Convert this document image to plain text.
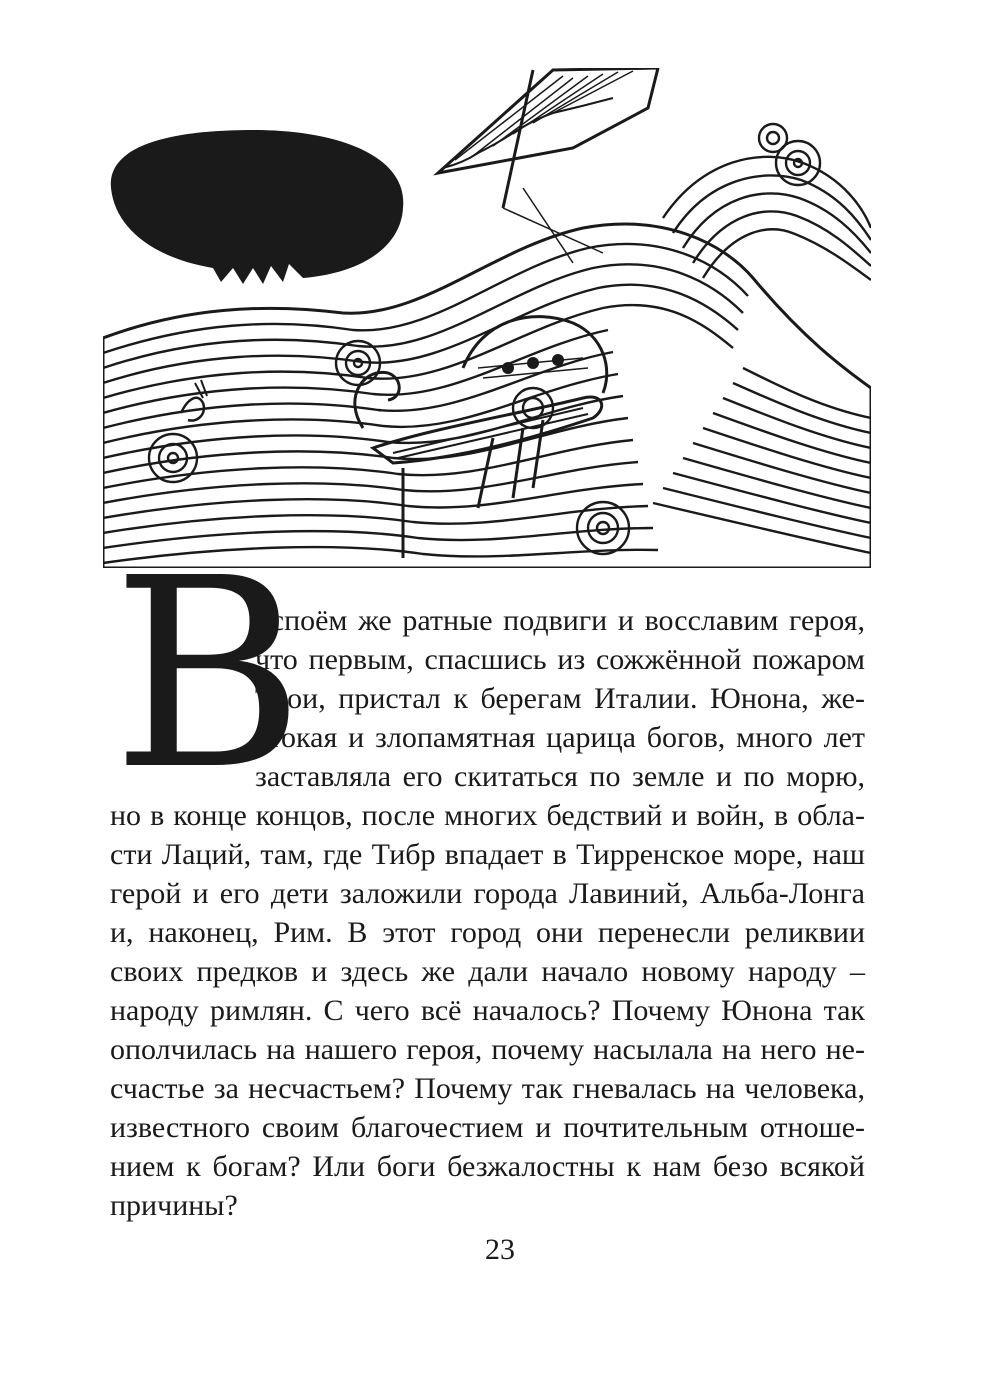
В

оспоём же ратные подвиги и восславим героя,

что первым, спасшись из сожжённой пожаром

Трои, пристал к берегам Италии. Юнона, же-

стокая и злопамятная царица богов, много лет

заставляла его скитаться по земле и по морю,

но в конце концов, после многих бедствий и войн, в обла-

сти Лаций, там, где Тибр впадает в Тирренское море, наш

герой и его дети заложили города Лавиний, Альба-Лонга

и, наконец, Рим. В этот город они перенесли реликвии

своих предков и здесь же дали начало новому народу –

народу римлян. С чего всё началось? Почему Юнона так

ополчилась на нашего героя, почему насылала на него не-

счастье за несчастьем? Почему так гневалась на человека,

известного своим благочестием и почтительным отноше-

нием к богам? Или боги безжалостны к нам безо всякой

причины?

23
